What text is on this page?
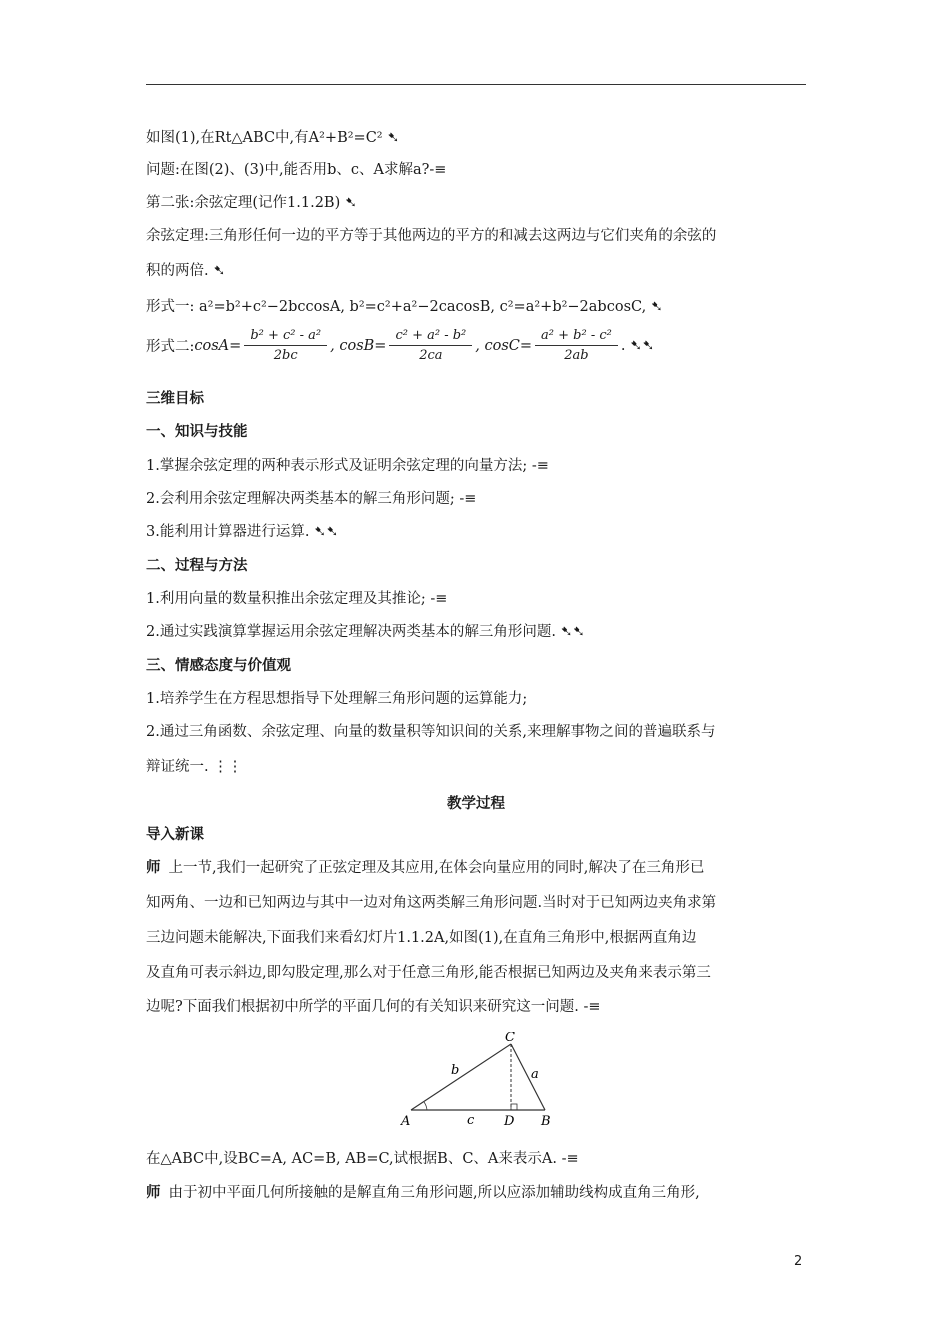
如图(1),在Rt△ABC中,有A²+B²=C² ➷
问题:在图(2)、(3)中,能否用b、c、A求解a?-≡
第二张:余弦定理(记作1.1.2B) ➷
余弦定理:三角形任何一边的平方等于其他两边的平方的和减去这两边与它们夹角的余弦的
积的两倍. ➷
形式一: a²=b²+c²−2bccosA, b²=c²+a²−2cacosB, c²=a²+b²−2abcosC, ➷
形式二: $\cos A= \frac{\text{b² + c² - a²}}{2bc}$ , $\cos B= \frac{\text{c² + a² - b²}}{2ca}$ , $\cos C= \frac{\text{a² + b² - c²}}{2ab}$ . ➷➷
三维目标
一、知识与技能
1.掌握余弦定理的两种表示形式及证明余弦定理的向量方法; -≡
2.会利用余弦定理解决两类基本的解三角形问题; -≡
3.能利用计算器进行运算. ➷➷
二、过程与方法
1.利用向量的数量积推出余弦定理及其推论; -≡
2.通过实践演算掌握运用余弦定理解决两类基本的解三角形问题. ➷➷
三、情感态度与价值观
1.培养学生在方程思想指导下处理解三角形问题的运算能力;
2.通过三角函数、余弦定理、向量的数量积等知识间的关系,来理解事物之间的普遍联系与
辩证统一. ⋮⋮
教学过程
导入新课
师 上一节,我们一起研究了正弦定理及其应用,在体会向量应用的同时,解决了在三角形已
知两角、一边和已知两边与其中一边对角这两类解三角形问题.当时对于已知两边夹角求第
三边问题未能解决,下面我们来看幻灯片1.1.2A,如图(1),在直角三角形中,根据两直角边
及直角可表示斜边,即勾股定理,那么对于任意三角形,能否根据已知两边及夹角来表示第三
边呢?下面我们根据初中所学的平面几何的有关知识来研究这一问题. -≡
C
A	D B
b	a
c
在△ABC中,设BC=A, AC=B, AB=C,试根据B、C、A来表示A. -≡
师 由于初中平面几何所接触的是解直角三角形问题,所以应添加辅助线构成直角三角形,
2
